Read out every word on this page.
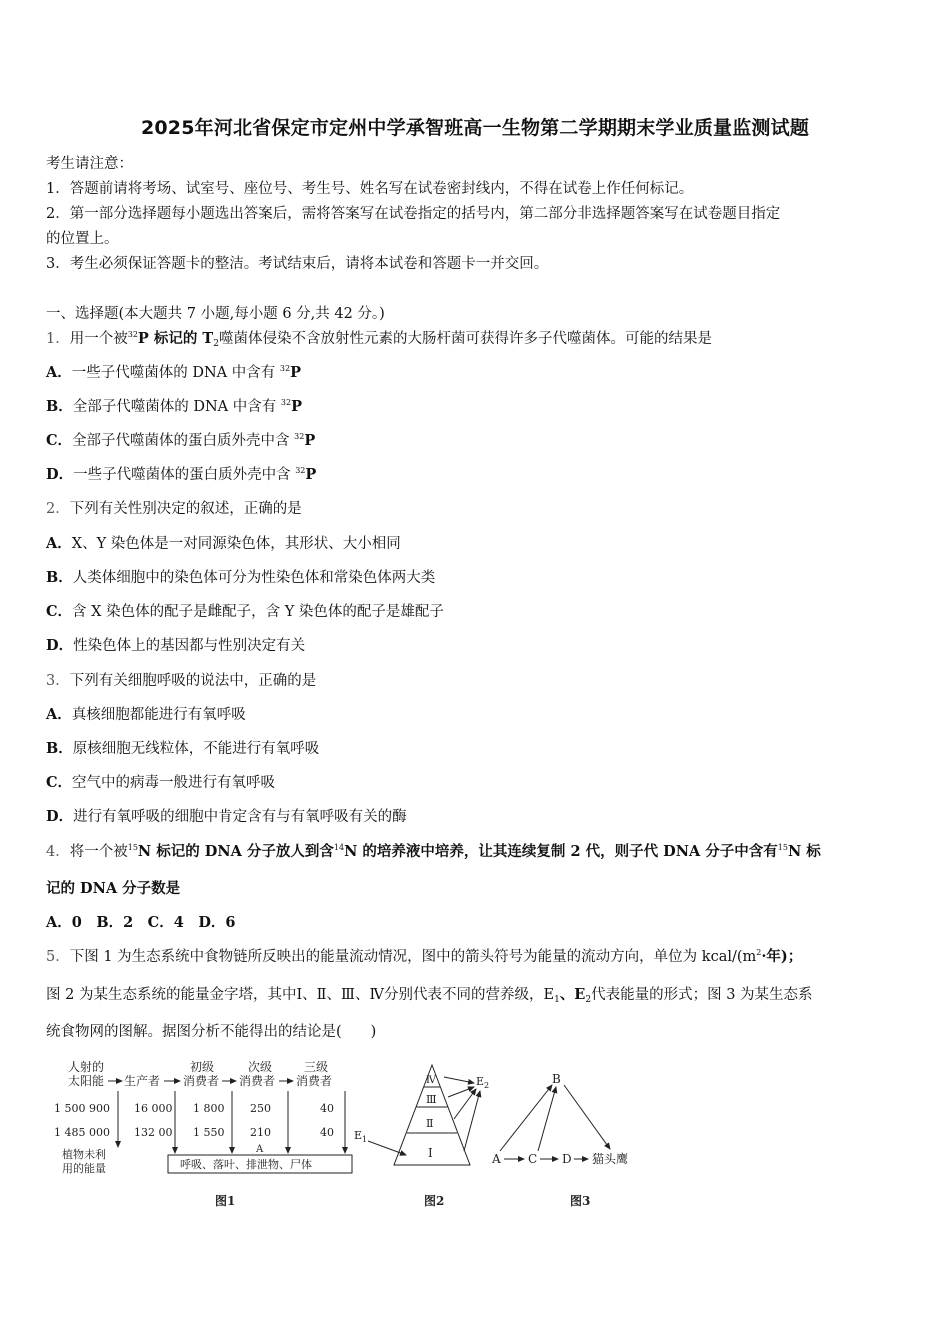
2025年河北省保定市定州中学承智班高一生物第二学期期末学业质量监测试题
考生请注意：
1．答题前请将考场、试室号、座位号、考生号、姓名写在试卷密封线内，不得在试卷上作任何标记。
2．第一部分选择题每小题选出答案后，需将答案写在试卷指定的括号内，第二部分非选择题答案写在试卷题目指定
的位置上。
3．考生必须保证答题卡的整洁。考试结束后，请将本试卷和答题卡一并交回。
一、选择题(本大题共 7 小题,每小题 6 分,共 42 分。)
1．用一个被$^{32}$P 标记的 $T_2$噬菌体侵染不含放射性元素的大肠杆菌可获得许多子代噬菌体。可能的结果是
A．一些子代噬菌体的 DNA 中含有 $^{32}$P
B．全部子代噬菌体的 DNA 中含有 $^{32}$P
C．全部子代噬菌体的蛋白质外壳中含 $^{32}$P
D．一些子代噬菌体的蛋白质外壳中含 $^{32}$P
2．下列有关性别决定的叙述，正确的是
A．X、Y 染色体是一对同源染色体，其形状、大小相同
B．人类体细胞中的染色体可分为性染色体和常染色体两大类
C．含 X 染色体的配子是雌配子，含 Y 染色体的配子是雄配子
D．性染色体上的基因都与性别决定有关
3．下列有关细胞呼吸的说法中，正确的是
A．真核细胞都能进行有氧呼吸
B．原核细胞无线粒体，不能进行有氧呼吸
C．空气中的病毒一般进行有氧呼吸
D．进行有氧呼吸的细胞中肯定含有与有氧呼吸有关的酶
4．将一个被$^{15}$N 标记的 DNA 分子放人到含$^{14}$N 的培养液中培养，让其连续复制 2 代，则子代 DNA 分子中含有$^{15}$N 标
记的 DNA 分子数是
A．0　B．2　C．4　D．6
5．下图 1 为生态系统中食物链所反映出的能量流动情况，图中的箭头符号为能量的流动方向，单位为 kcal/($m^2\cdot$年)；
图 2 为某生态系统的能量金字塔，其中Ⅰ、Ⅱ、Ⅲ、Ⅳ分别代表不同的营养级，$E_1$、$E_2$代表能量的形式；图 3 为某生态系
统食物网的图解。据图分析不能得出的结论是(　　)
人射的
太阳能 生产者
初级
消费者
次级
消费者
三级
消费者
1 500 900 16 000 1 800 250	40
1 485 000 132 00 1 550 210	40
植物未利
用的能量
A
呼吸、落叶、排泄物、尸体
图1
Ⅳ
Ⅲ
Ⅱ
Ⅰ
$E_2$
$E_1$
图2
B
A C D 猫头鹰
图3
